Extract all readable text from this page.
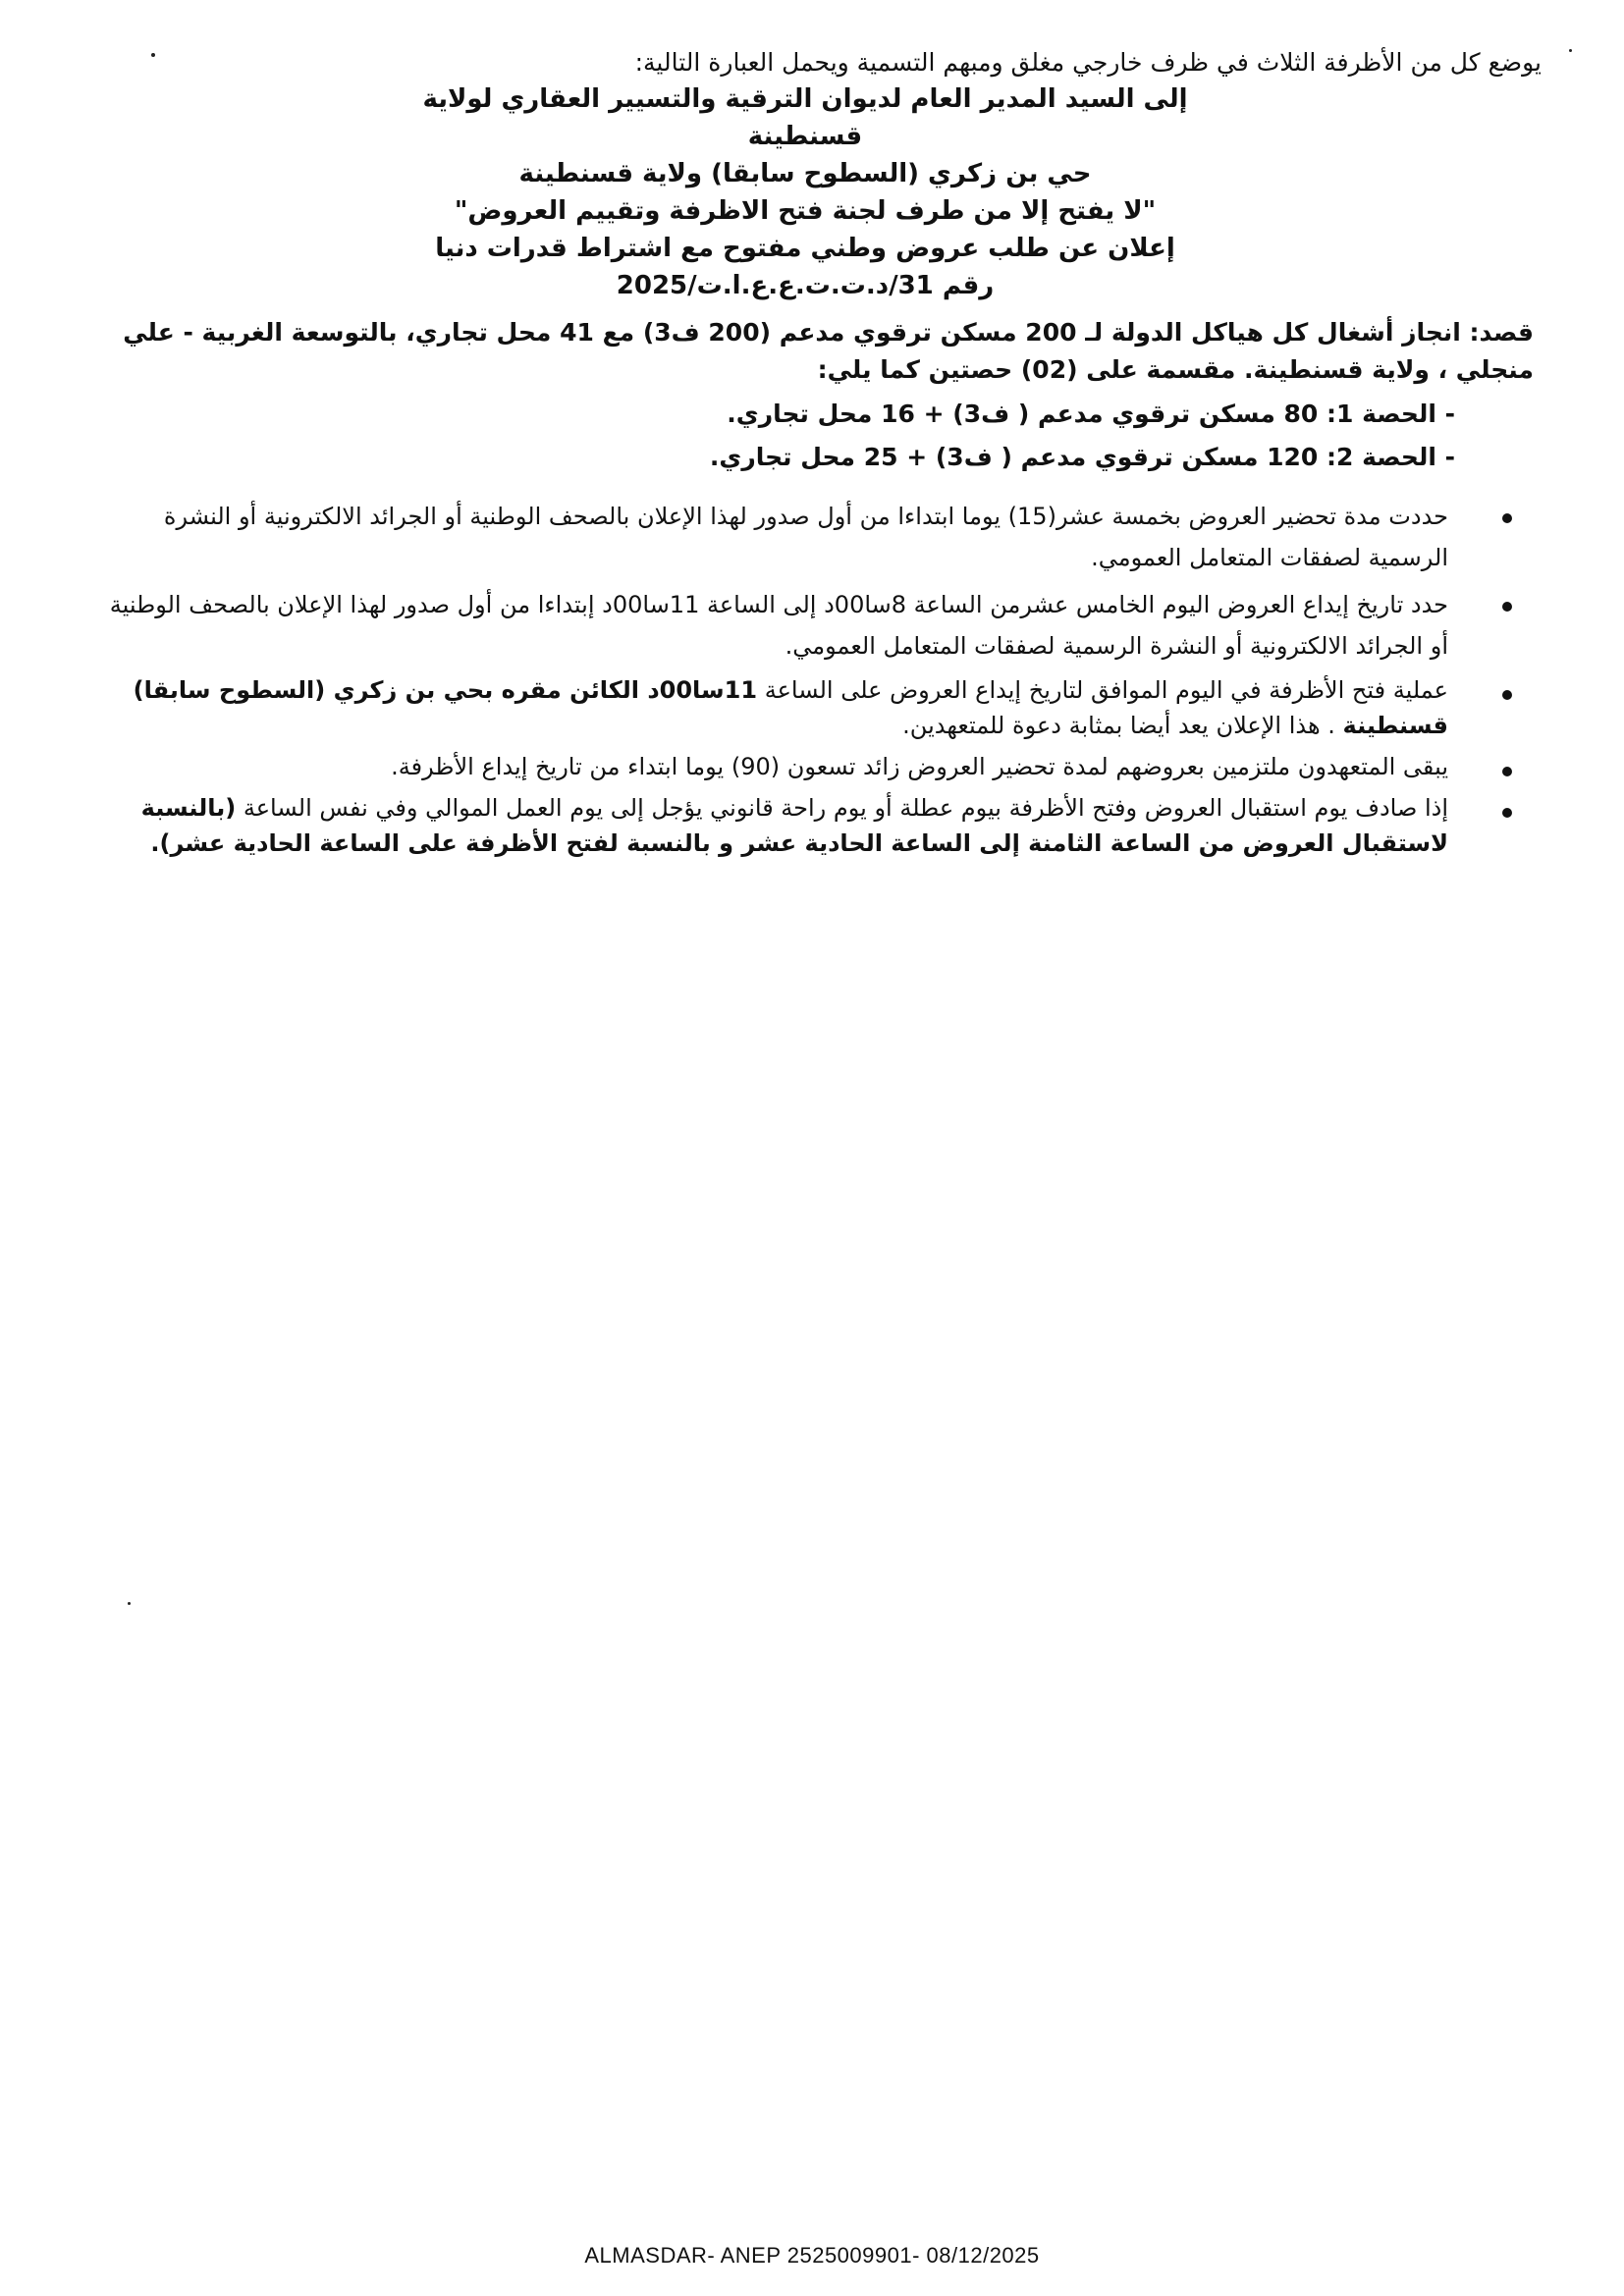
يوضع كل من الأظرفة الثلاث في ظرف خارجي مغلق ومبهم التسمية ويحمل العبارة التالية:

إلى السيد المدير العام لديوان الترقية والتسيير العقاري لولاية قسنطينة

حي بن زكري (السطوح سابقا) ولاية قسنطينة

"لا يفتح إلا من طرف لجنة فتح الاظرفة وتقييم العروض"

إعلان عن طلب عروض وطني مفتوح مع اشتراط قدرات دنيا

رقم 31/د.ت.ت.ع.ع.ا.ت/2025

قصد: انجاز أشغال كل هياكل الدولة لـ 200 مسكن ترقوي مدعم (200 ف3) مع 41 محل تجاري، بالتوسعة الغربية - علي منجلي ، ولاية قسنطينة. مقسمة على (02) حصتين كما يلي:

- الحصة 1: 80 مسكن ترقوي مدعم ( ف3) + 16 محل تجاري.
- الحصة 2: 120 مسكن ترقوي مدعم ( ف3) + 25 محل تجاري.
حددت مدة تحضير العروض بخمسة عشر(15) يوما ابتداءا من أول صدور لهذا الإعلان بالصحف الوطنية أو الجرائد الالكترونية أو النشرة الرسمية لصفقات المتعامل العمومي.
حدد تاريخ إيداع العروض اليوم الخامس عشرمن الساعة 8سا00د إلى الساعة 11سا00د إبتداءا من أول صدور لهذا الإعلان بالصحف الوطنية أو الجرائد الالكترونية أو النشرة الرسمية لصفقات المتعامل العمومي.
عملية فتح الأظرفة في اليوم الموافق لتاريخ إيداع العروض على الساعة 11سا00د الكائن مقره بحي بن زكري (السطوح سابقا) قسنطينة . هذا الإعلان يعد أيضا بمثابة دعوة للمتعهدين.
يبقى المتعهدون ملتزمين بعروضهم لمدة تحضير العروض زائد تسعون (90) يوما ابتداء من تاريخ إيداع الأظرفة.
إذا صادف يوم استقبال العروض وفتح الأظرفة بيوم عطلة أو يوم راحة قانوني يؤجل إلى يوم العمل الموالي وفي نفس الساعة (بالنسبة لاستقبال العروض من الساعة الثامنة إلى الساعة الحادية عشر و بالنسبة لفتح الأظرفة على الساعة الحادية عشر).
ALMASDAR- ANEP 2525009901- 08/12/2025
